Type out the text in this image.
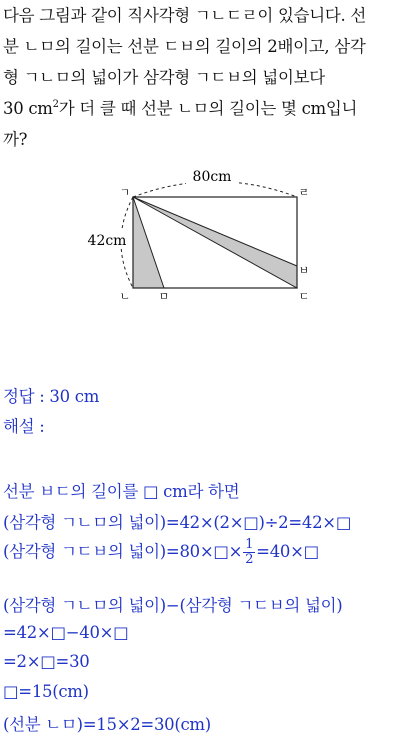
다음 그림과 같이 직사각형 ㄱㄴㄷㄹ이 있습니다. 선

분 ㄴㅁ의 길이는 선분 ㄷㅂ의 길이의 2배이고, 삼각

형 ㄱㄴㅁ의 넓이가 삼각형 ㄱㄷㅂ의 넓이보다

30 $cm^2$가 더 클 때 선분 ㄴㅁ의 길이는 몇 cm입니

까?

80cm
42cm
ㄱ	ㄹ
ㄴ	ㄷ
ㅁ
ㅂ
정답 : 30 cm
해설 :
선분 ㅂㄷ의 길이를 □ cm라 하면
(삼각형 ㄱㄴㅁ의 넓이)=42×(2×□)÷2=42×□
(삼각형 ㄱㄷㅂ의 넓이)=80×□× $\frac{1}{2}$ =40×□
(삼각형 ㄱㄴㅁ의 넓이)−(삼각형 ㄱㄷㅂ의 넓이)
=42×□−40×□
=2×□=30
□=15(cm)
(선분 ㄴㅁ)=15×2=30(cm)
